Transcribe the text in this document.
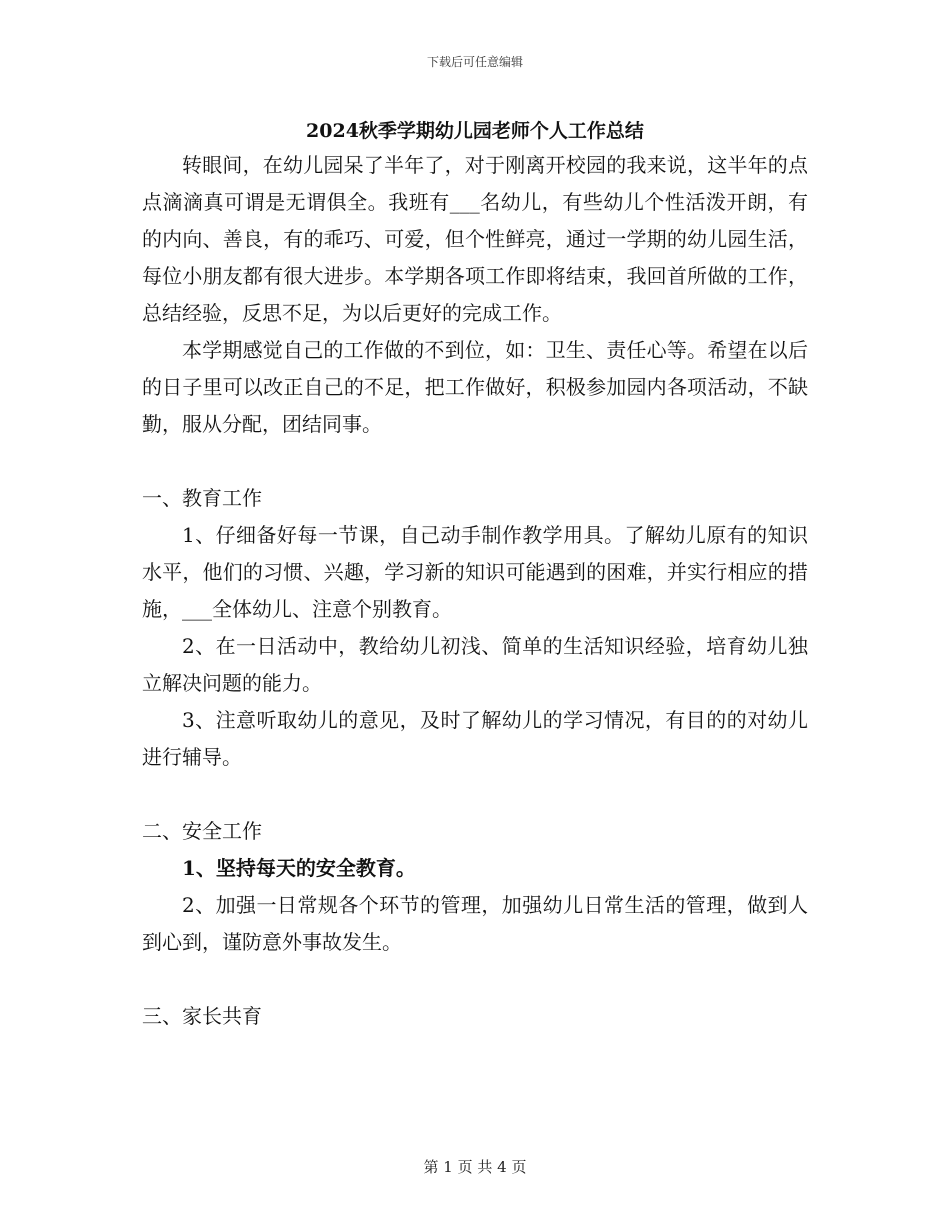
下载后可任意编辑
2024秋季学期幼儿园老师个人工作总结

转眼间，在幼儿园呆了半年了，对于刚离开校园的我来说，这半年的点点滴滴真可谓是无谓俱全。我班有___名幼儿，有些幼儿个性活泼开朗，有的内向、善良，有的乖巧、可爱，但个性鲜亮，通过一学期的幼儿园生活，每位小朋友都有很大进步。本学期各项工作即将结束，我回首所做的工作，总结经验，反思不足，为以后更好的完成工作。

本学期感觉自己的工作做的不到位，如：卫生、责任心等。希望在以后的日子里可以改正自己的不足，把工作做好，积极参加园内各项活动，不缺勤，服从分配，团结同事。

一、教育工作

1、仔细备好每一节课，自己动手制作教学用具。了解幼儿原有的知识水平，他们的习惯、兴趣，学习新的知识可能遇到的困难，并实行相应的措施，___全体幼儿、注意个别教育。

2、在一日活动中，教给幼儿初浅、简单的生活知识经验，培育幼儿独立解决问题的能力。

3、注意听取幼儿的意见，及时了解幼儿的学习情况，有目的的对幼儿进行辅导。

二、安全工作

1、坚持每天的安全教育。

2、加强一日常规各个环节的管理，加强幼儿日常生活的管理，做到人到心到，谨防意外事故发生。

三、家长共育

第 1 页 共 4 页
